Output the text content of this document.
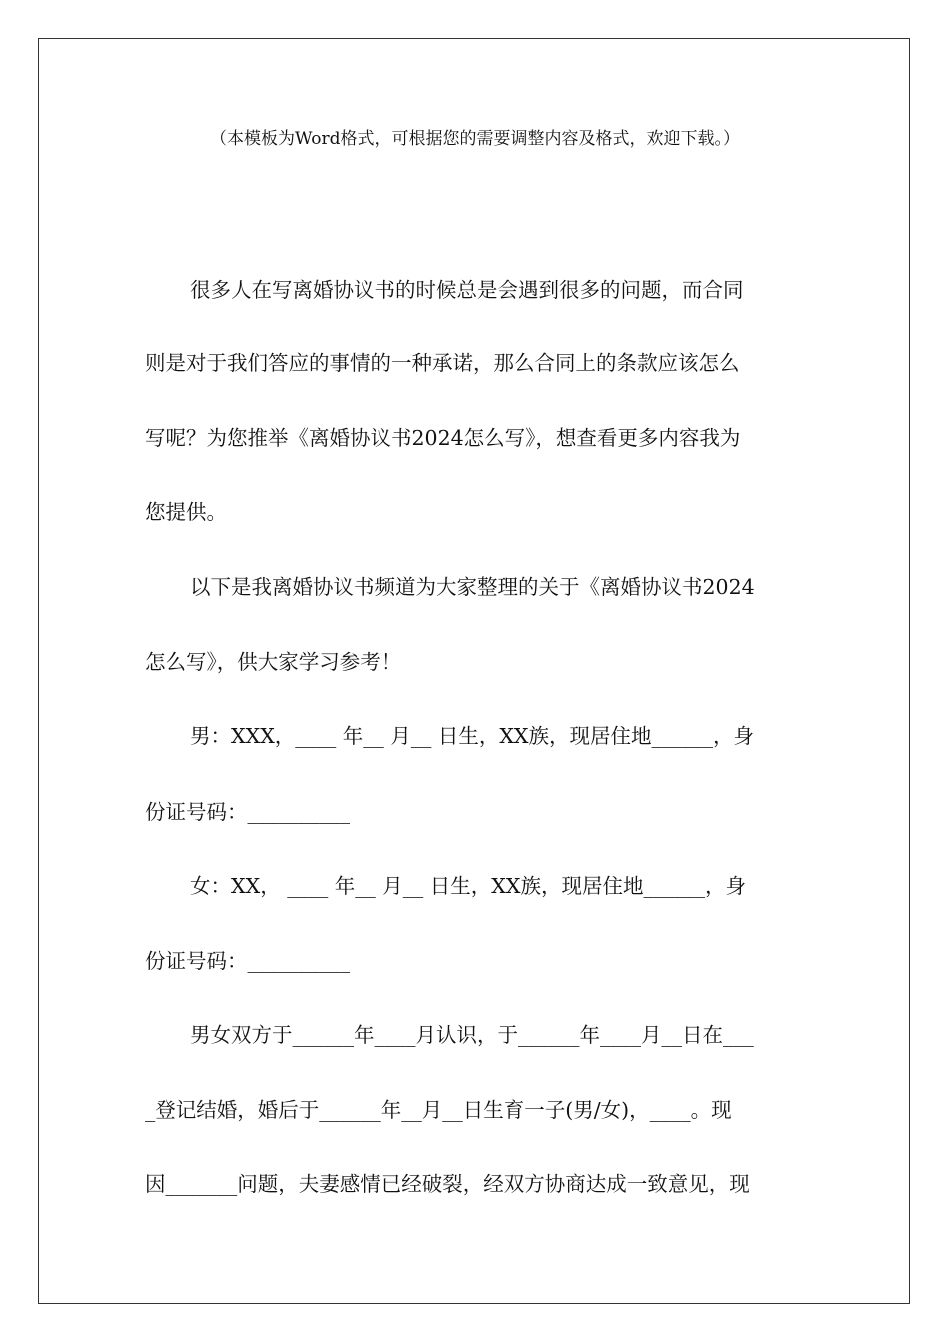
（本模板为Word格式，可根据您的需要调整内容及格式，欢迎下载。）
很多人在写离婚协议书的时候总是会遇到很多的问题，而合同
则是对于我们答应的事情的一种承诺，那么合同上的条款应该怎么
写呢？为您推举《离婚协议书2024怎么写》，想查看更多内容我为
您提供。
以下是我离婚协议书频道为大家整理的关于《离婚协议书2024
怎么写》，供大家学习参考！
男：XXX，____ 年__ 月__ 日生，XX族，现居住地______，身
份证号码：__________
女：XX， ____ 年__ 月__ 日生，XX族，现居住地______，身
份证号码：__________
男女双方于______年____月认识，于______年____月__日在___
_登记结婚，婚后于______年__月__日生育一子(男/女)，____。现
因_______问题，夫妻感情已经破裂，经双方协商达成一致意见，现
